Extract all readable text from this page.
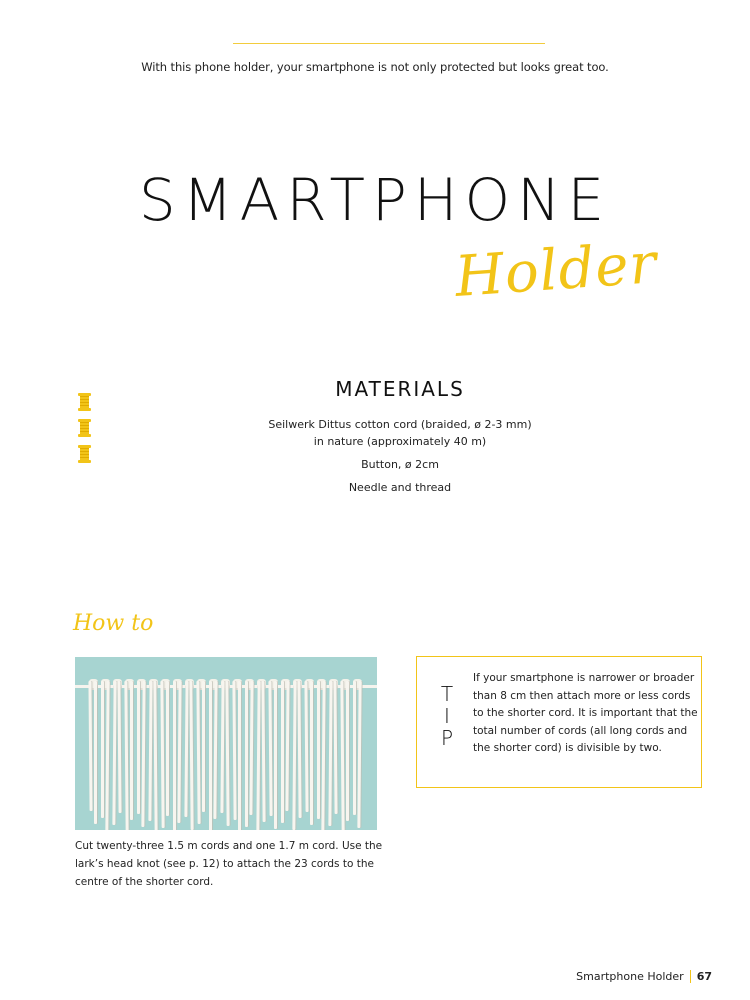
With this phone holder, your smartphone is not only protected but looks great too.
SMARTPHONE
Holder
MATERIALS
Seilwerk Dittus cotton cord (braided, ø 2-3 mm)
in nature (approximately 40 m)
Button, ø 2cm
Needle and thread
How to
Cut twenty-three 1.5 m cords and one 1.7 m cord. Use the lark’s head knot (see p. 12) to attach the 23 cords to the centre of the shorter cord.
T
I
P
If your smartphone is narrower or broader than 8 cm then attach more or less cords to the shorter cord. It is important that the total number of cords (all long cords and the shorter cord) is divisible by two.
Smartphone Holder 67
